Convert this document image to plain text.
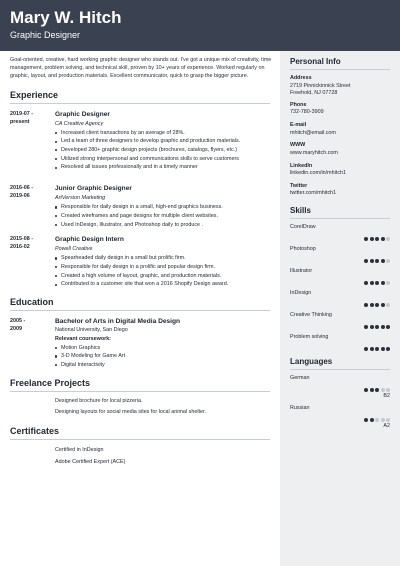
Mary W. Hitch
Graphic Designer

Goal-oriented, creative, hard working graphic designer who stands out. I've got a unique mix of creativity, time management, problem solving, and technical skill, proven by 10+ years of experience. Worked regularly on graphic, layout, and production materials. Excellent communicator, quick to grasp the bigger picture.

Experience
2019-07 -
present
Graphic Designer
CA Creative Agency
Increased client transactions by an average of 28%.
Led a team of three designers to develop graphic and production materials.
Developed 280+ graphic design projects (brochures, catalogs, flyers, etc.)
Utilized strong interpersonal and communications skills to serve customers
Resolved all issues professionally and in a timely manner
2016-06 -
2019-06
Junior Graphic Designer
ArtVersion Marketing
Responsible for daily design in a small, high-end graphics business.
Created wireframes and page designs for multiple client websites.
Used InDesign, Illustrator, and Photoshop daily to produce .
2015-08 -
2016-02
Graphic Design Intern
Powell Creative
Spearheaded daily design in a small but prolific firm.
Responsible for daily design in a prolific and popular design firm.
Created a high volume of layout, graphic, and production materials.
Contributed to a customer site that won a 2016 Shopify Design award.
Education
2005 -
2009
Bachelor of Arts in Digital Media Design
National University, San Diego
Relevant coursework:
Motion Graphics
3-D Modeling for Game Art
Digital Interactivity
Freelance Projects
Designed brochure for local pizzeria.
Designing layouts for social media sites for local animal shelter.
Certificates
Certified in InDesign
Adobe Certified Expert (ACE)
Personal Info
Address
2719 Pinnickinnick Street
Freehold, NJ 07728
Phone
732-780-3909
E-mail
mhitch@email.com
WWW
www.maryhitch.com
LinkedIn
linkedin.com/in/mhitch1
Twitter
twitter.com/mhitch1
Skills
CorelDraw
Photoshop
Illustrator
InDesign
Creative Thinking
Problem solving
Languages
German
B2
Russian
A2
